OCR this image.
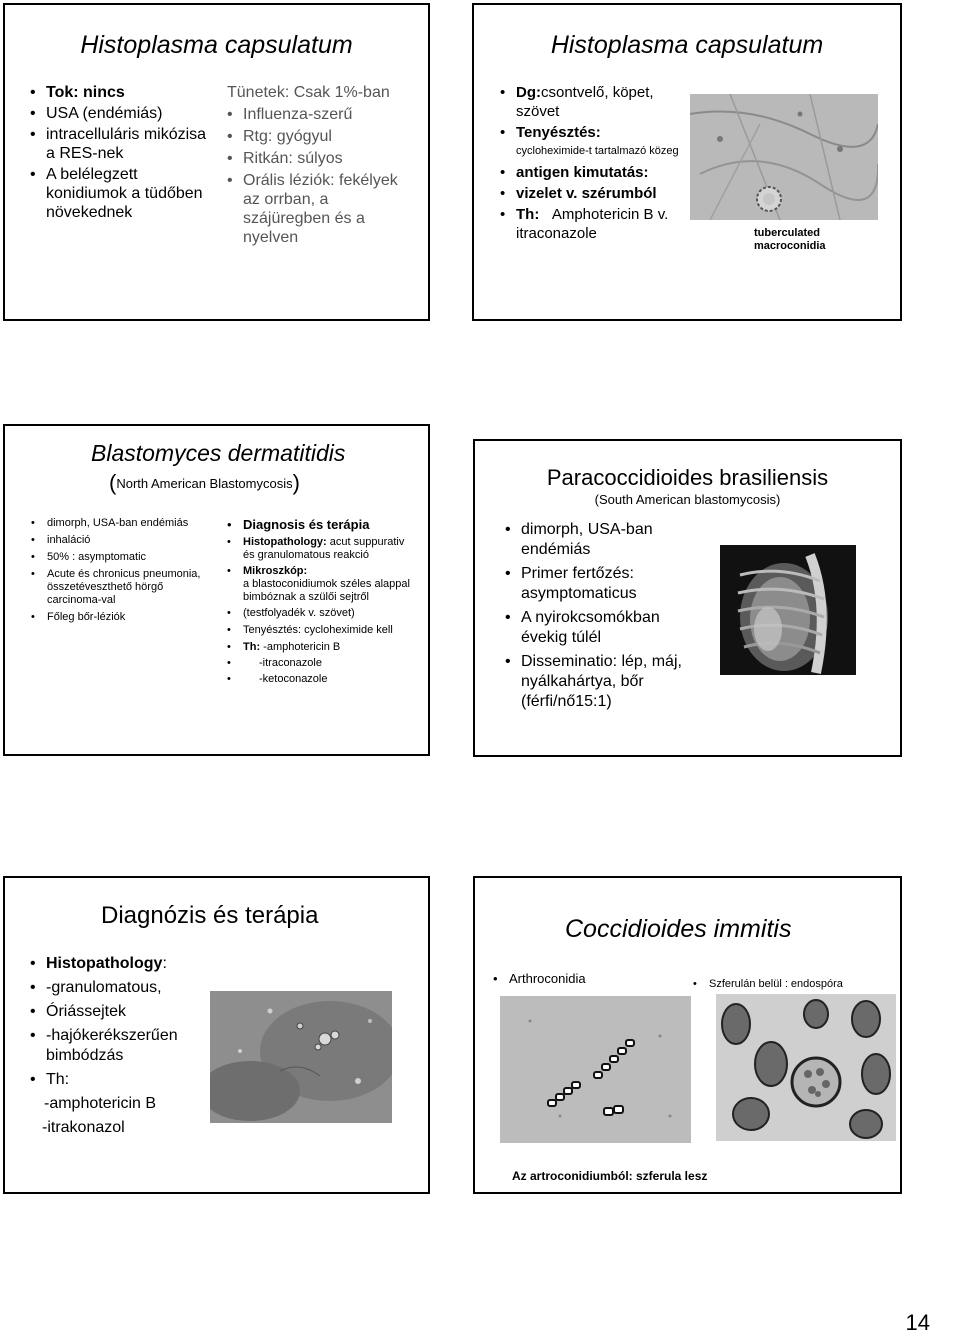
Histoplasma capsulatum
• Tok: nincs
• USA (endémiás)
• intracelluláris mikózisa a RES-nek
• A belélegzett konidiumok a tüdőben növekednek
Tünetek: Csak 1%-ban
• Influenza-szerű
• Rtg: gyógyul
• Ritkán: súlyos
• Orális léziók: fekélyek az orrban, a szájüregben és a nyelven
Histoplasma capsulatum
• Dg:csontvelő, köpet, szövet
• Tenyésztés:
cycloheximide-t tartalmazó közeg
• antigen kimutatás:
• vizelet v. szérumból
• Th: Amphotericin B v. itraconazole	tuberculated macroconidia
Blastomyces dermatitidis
(North American Blastomycosis)
• dimorph, USA-ban endémiás
• inhaláció
• 50% : asymptomatic
• Acute és chronicus pneumonia, összetéveszthető hörgő carcinoma-val
• Főleg bőr-léziók
• Diagnosis és terápia
• Histopathology: acut suppurativ és granulomatous reakció
• Mikroszkóp:
a blastoconidiumok széles alappal bimbóznak a szülői sejtről
• (testfolyadék v. szövet)
• Tenyésztés: cycloheximide kell
• Th: -amphotericin B
• -itraconazole
• -ketoconazole
Paracoccidioides brasiliensis
(South American blastomycosis)
• dimorph, USA-ban endémiás
• Primer fertőzés: asymptomaticus
• A nyirokcsomókban évekig túlél
• Disseminatio: lép, máj, nyálkahártya, bőr (férfi/nő15:1)
Diagnózis és terápia
• Histopathology:
• -granulomatous,
• Óriássejtek
• -hajókerékszerűen bimbódzás
• Th:
-amphotericin B
-itrakonazol
Coccidioides immitis
• Arthroconidia
•	Szferulán belül : endospóra
Az artroconidiumból: szferula lesz
14
